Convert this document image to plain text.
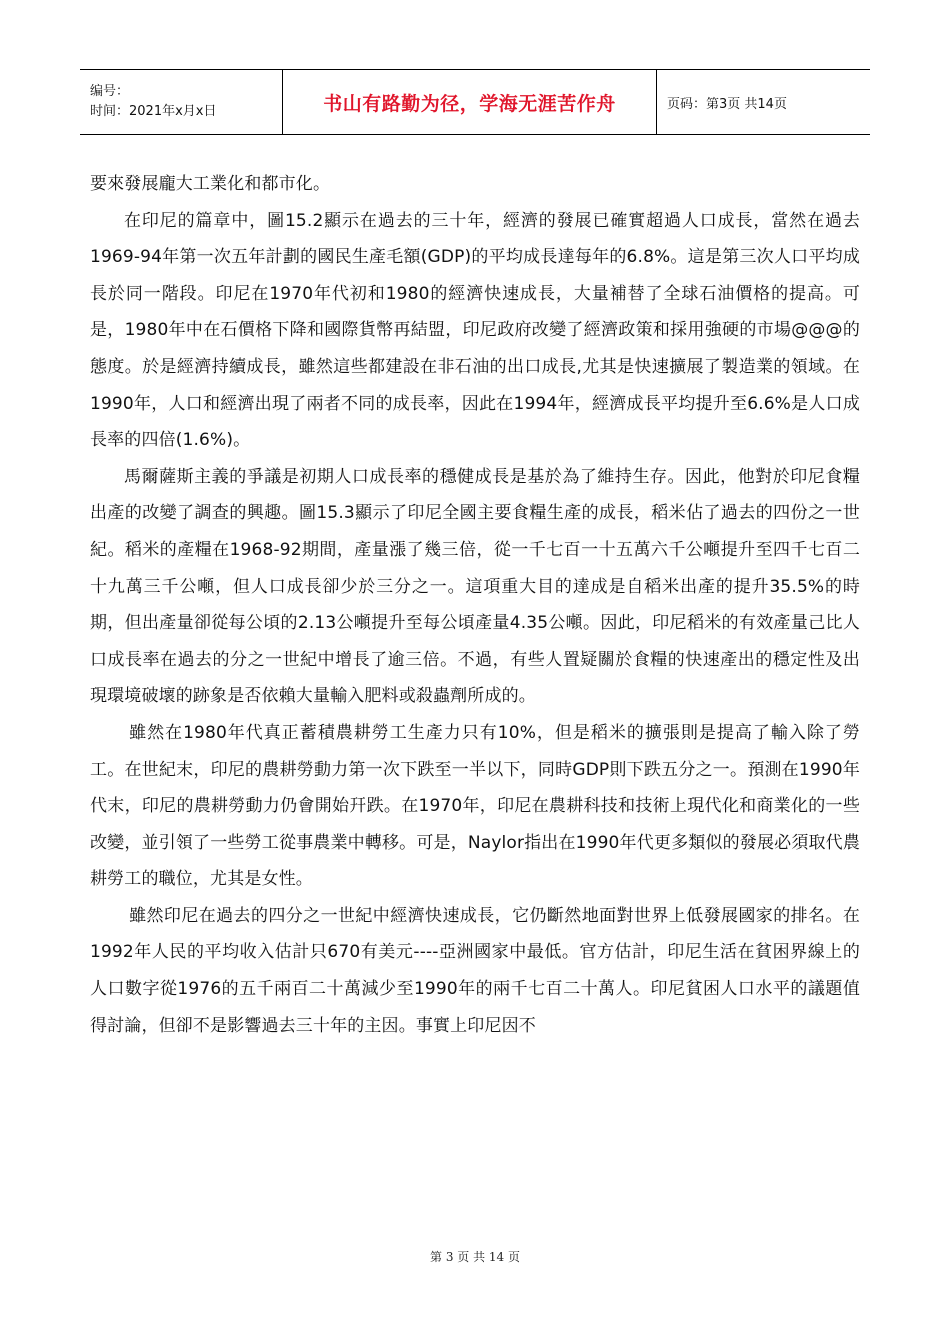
编号：
时间：2021年x月x日	书山有路勤为径，学海无涯苦作舟	页码：第3页 共14页

要來發展龐大工業化和都市化。

在印尼的篇章中，圖15.2顯示在過去的三十年，經濟的發展已確實超過人口成長，當然在過去1969-94年第一次五年計劃的國民生產毛額(GDP)的平均成長達每年的6.8%。這是第三次人口平均成長於同一階段。印尼在1970年代初和1980的經濟快速成長，大量補替了全球石油價格的提高。可是，1980年中在石價格下降和國際貨幣再結盟，印尼政府改變了經濟政策和採用強硬的市場@@@的態度。於是經濟持續成長，雖然這些都建設在非石油的出口成長,尤其是快速擴展了製造業的領域。在1990年，人口和經濟出現了兩者不同的成長率，因此在1994年，經濟成長平均提升至6.6%是人口成長率的四倍(1.6%)。

馬爾薩斯主義的爭議是初期人口成長率的穩健成長是基於為了維持生存。因此，他對於印尼食糧出產的改變了調查的興趣。圖15.3顯示了印尼全國主要食糧生產的成長，稻米佔了過去的四份之一世紀。稻米的產糧在1968-92期間，產量漲了幾三倍，從一千七百一十五萬六千公噸提升至四千七百二十九萬三千公噸，但人口成長卻少於三分之一。這項重大目的達成是自稻米出產的提升35.5%的時期，但出產量卻從每公頃的2.13公噸提升至每公頃產量4.35公噸。因此，印尼稻米的有效產量己比人口成長率在過去的分之一世紀中增長了逾三倍。不過，有些人置疑關於食糧的快速產出的穩定性及出現環境破壞的跡象是否依賴大量輸入肥料或殺蟲劑所成的。

雖然在1980年代真正蓄積農耕勞工生產力只有10%，但是稻米的擴張則是提高了輸入除了勞工。在世紀末，印尼的農耕勞動力第一次下跌至一半以下，同時GDP則下跌五分之一。預測在1990年代末，印尼的農耕勞動力仍會開始幵跌。在1970年，印尼在農耕科技和技術上現代化和商業化的一些改變，並引領了一些勞工從事農業中轉移。可是，Naylor指出在1990年代更多類似的發展必須取代農耕勞工的職位，尤其是女性。

雖然印尼在過去的四分之一世紀中經濟快速成長，它仍斷然地面對世界上低發展國家的排名。在1992年人民的平均收入估計只670有美元----亞洲國家中最低。官方估計，印尼生活在貧困界線上的人口數字從1976的五千兩百二十萬減少至1990年的兩千七百二十萬人。印尼貧困人口水平的議題值得討論，但卻不是影響過去三十年的主因。事實上印尼因不

第 3 页 共 14 页
